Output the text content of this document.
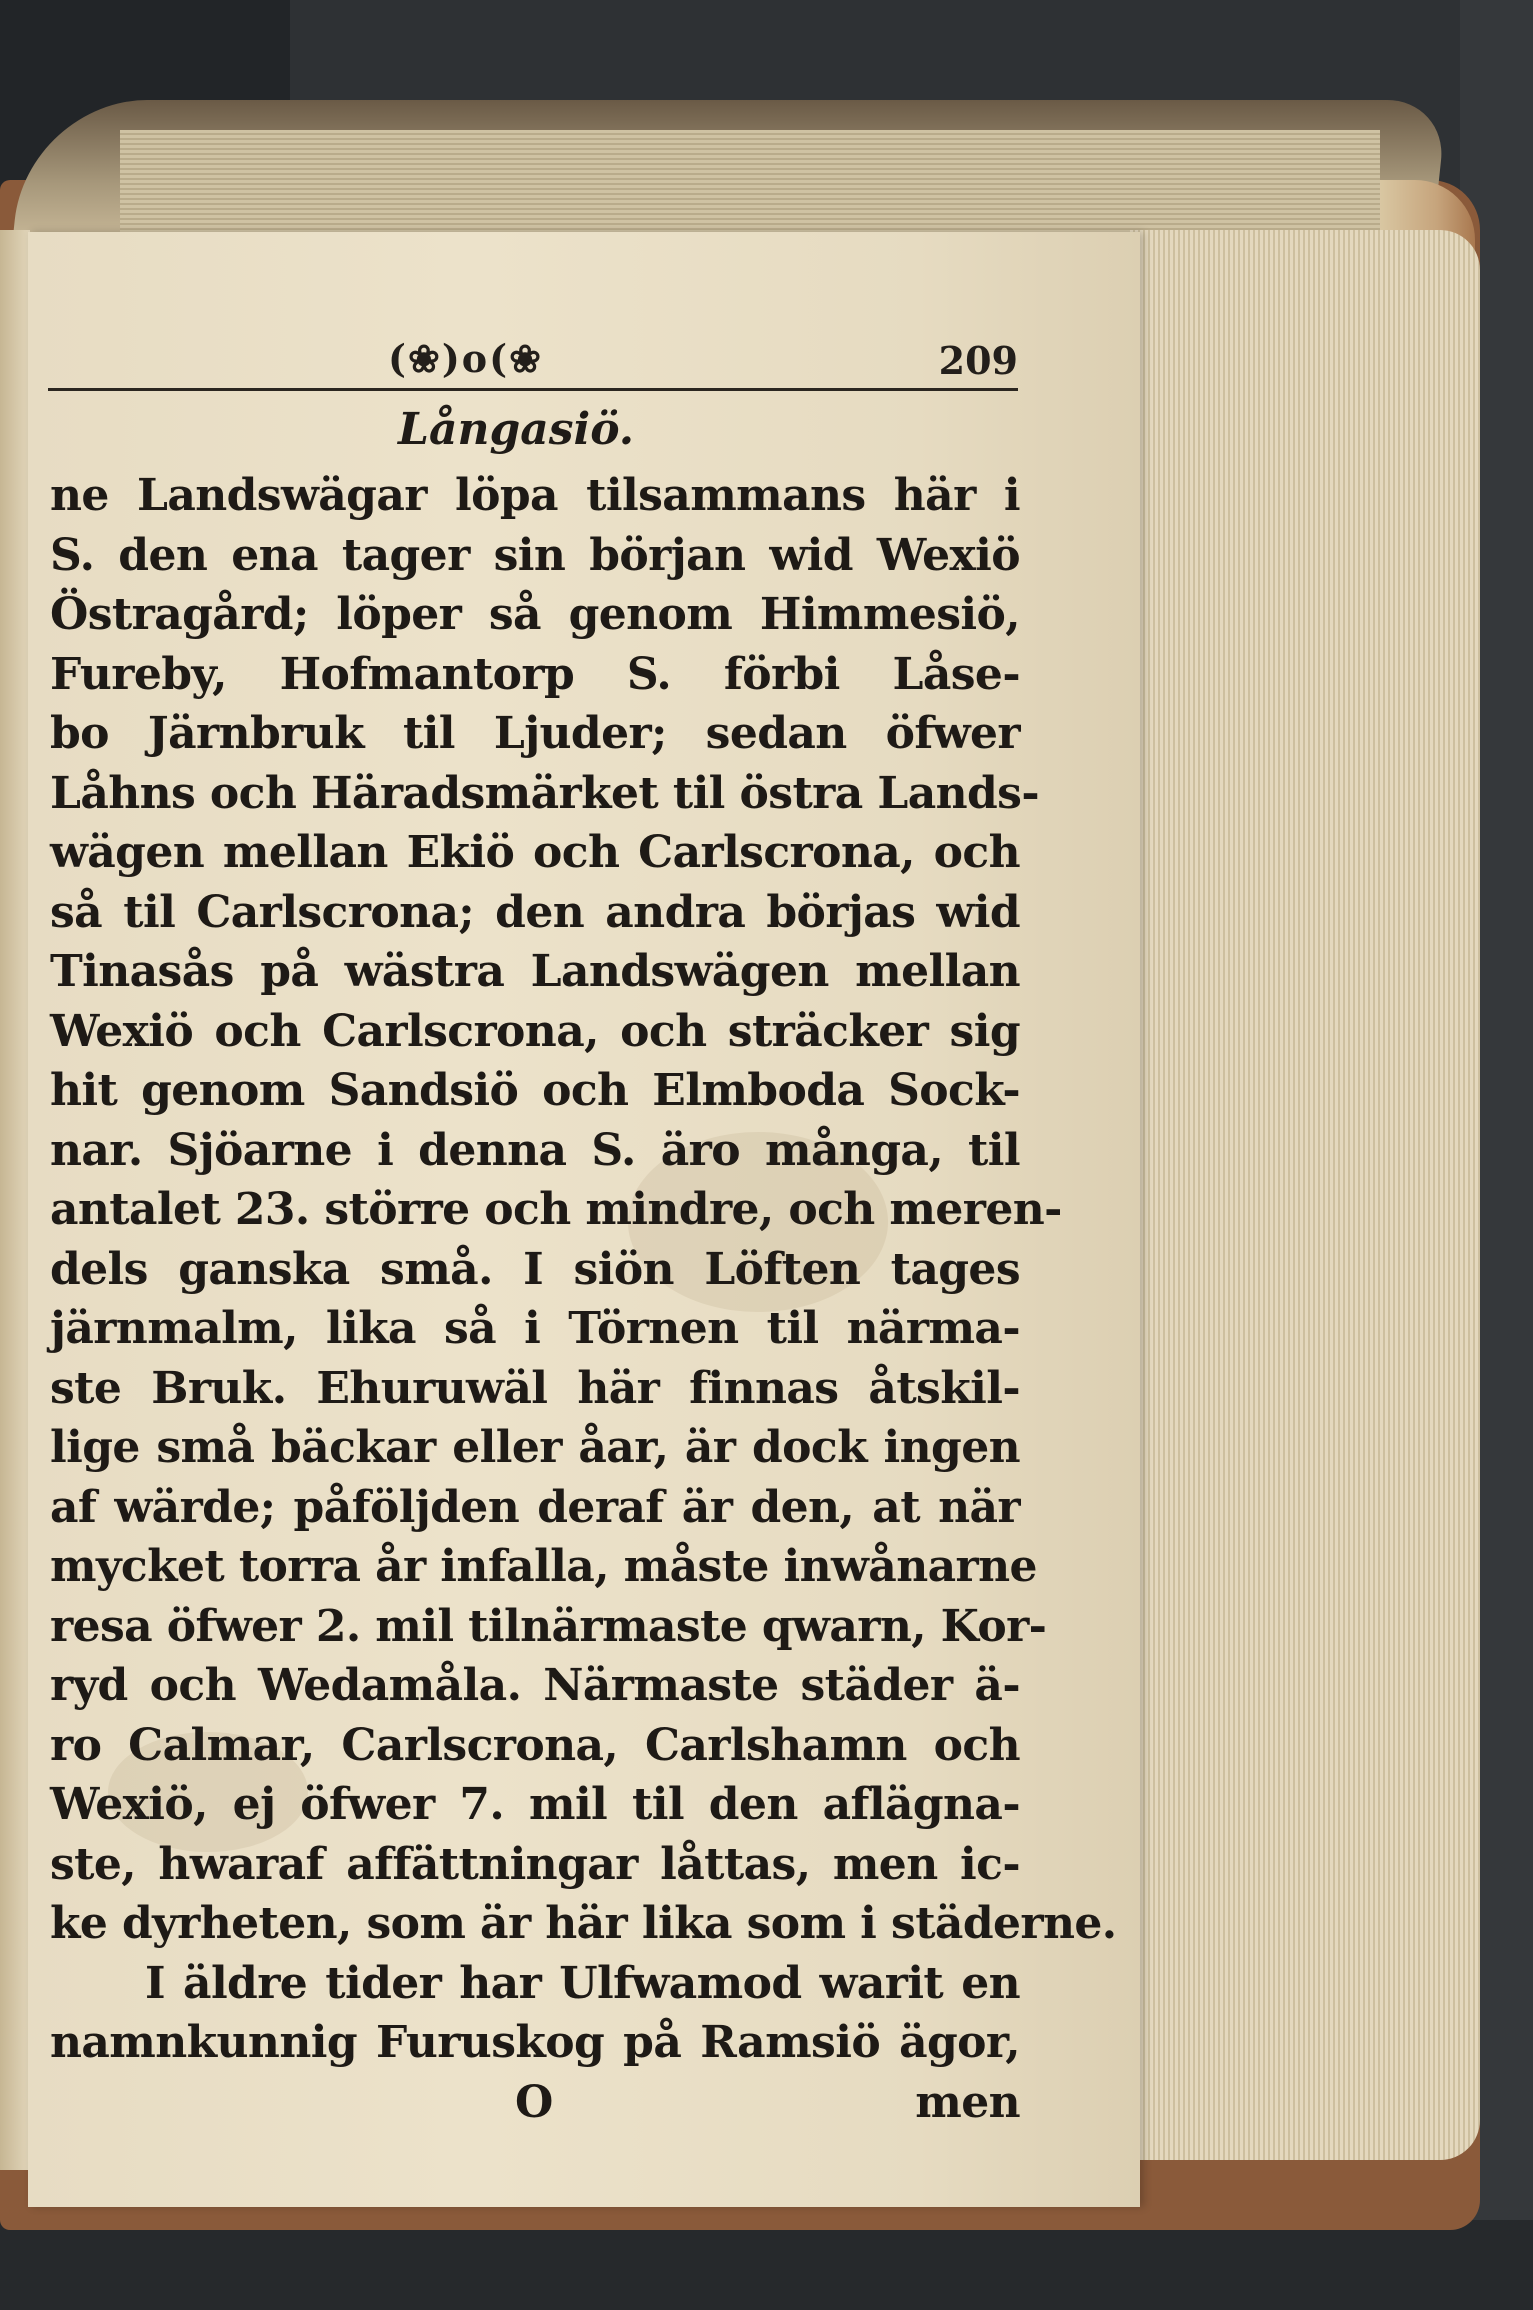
(❀)o(❀	209
Långasiö.
ne Landswägar löpa tilsammans här i
S. den ena tager sin början wid Wexiö
Östragård; löper så genom Himmesiö,
Fureby, Hofmantorp S. förbi Låse-
bo Järnbruk til Ljuder; sedan öfwer
Låhns och Häradsmärket til östra Lands-
wägen mellan Ekiö och Carlscrona, och
så til Carlscrona; den andra börjas wid
Tinasås på wästra Landswägen mellan
Wexiö och Carlscrona, och sträcker sig
hit genom Sandsiö och Elmboda Sock-
nar. Sjöarne i denna S. äro många, til
antalet 23. större och mindre, och meren-
dels ganska små. I siön Löften tages
järnmalm, lika så i Törnen til närma-
ste Bruk. Ehuruwäl här finnas åtskil-
lige små bäckar eller åar, är dock ingen
af wärde; påföljden deraf är den, at när
mycket torra år infalla, måste inwånarne
resa öfwer 2. mil tilnärmaste qwarn, Kor-
ryd och Wedamåla. Närmaste städer ä-
ro Calmar, Carlscrona, Carlshamn och
Wexiö, ej öfwer 7. mil til den aflägna-
ste, hwaraf affättningar låttas, men ic-
ke dyrheten, som är här lika som i städerne.
I äldre tider har Ulfwamod warit en
namnkunnig Furuskog på Ramsiö ägor,
O	men
